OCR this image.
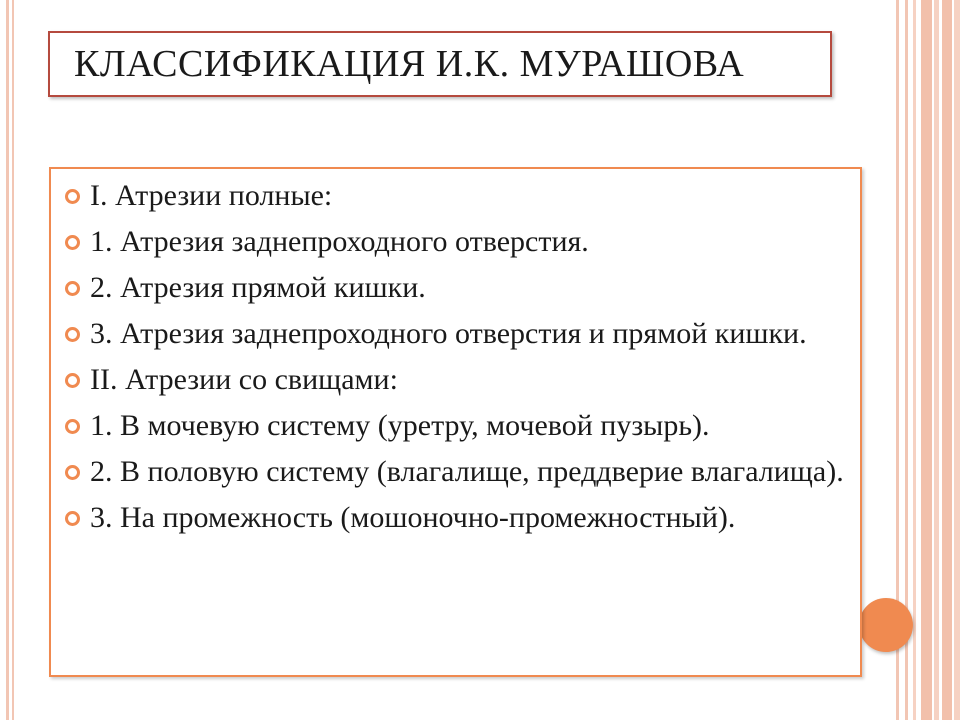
КЛАССИФИКАЦИЯ И.К. МУРАШОВА
I. Атрезии полные:
1. Атрезия заднепроходного отверстия.
2. Атрезия прямой кишки.
3. Атрезия заднепроходного отверстия и прямой кишки.
II. Атрезии со свищами:
1. В мочевую систему (уретру, мочевой пузырь).
2. В половую систему (влагалище, преддверие влагалища).
3. На промежность (мошоночно-промежностный).
